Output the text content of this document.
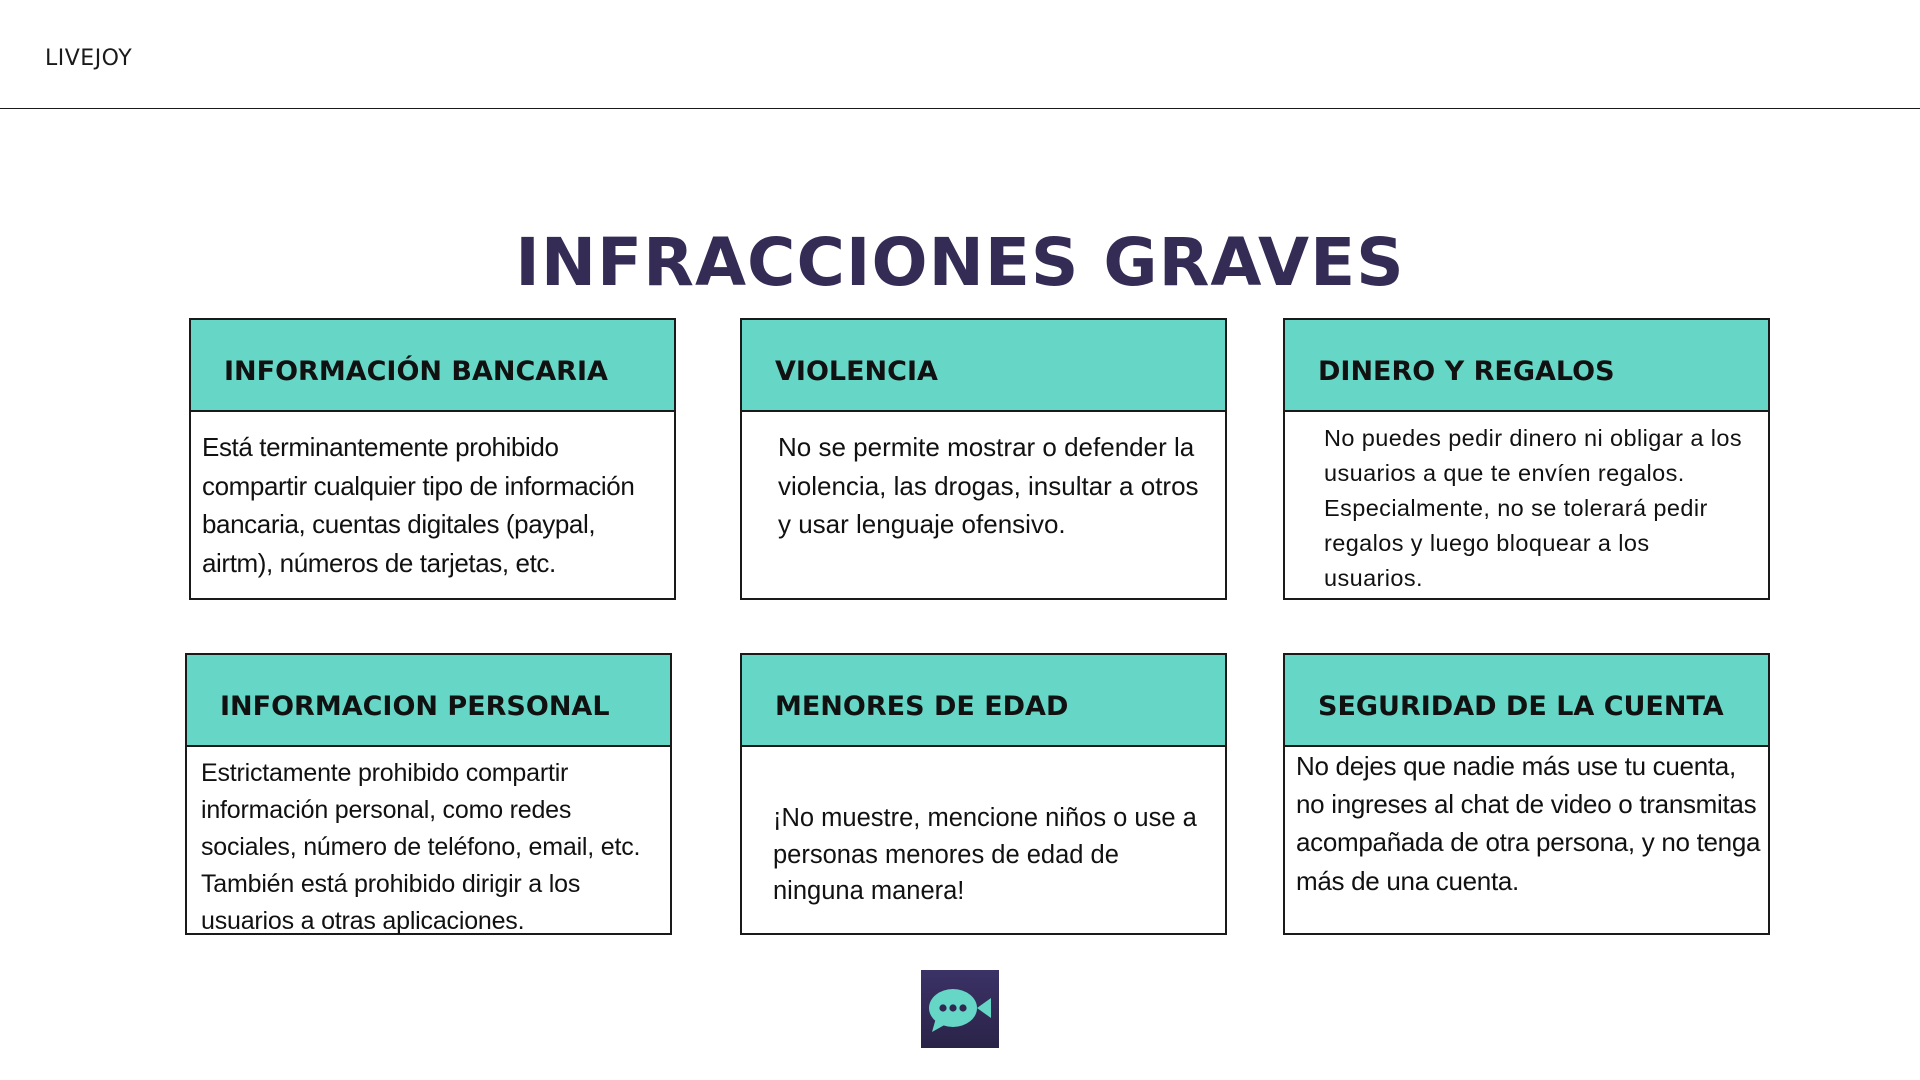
LIVEJOY
INFRACCIONES GRAVES
INFORMACIÓN BANCARIA
Está terminantemente prohibido compartir cualquier tipo de información bancaria, cuentas digitales (paypal, airtm), números de tarjetas, etc.
VIOLENCIA
No se permite mostrar o defender la violencia, las drogas, insultar a otros y usar lenguaje ofensivo.
DINERO Y REGALOS
No puedes pedir dinero ni obligar a los usuarios a que te envíen regalos. Especialmente, no se tolerará pedir regalos y luego bloquear a los usuarios.
INFORMACION PERSONAL
Estrictamente prohibido compartir información personal, como redes sociales, número de teléfono, email, etc. También está prohibido dirigir a los usuarios a otras aplicaciones.
MENORES DE EDAD
¡No muestre, mencione niños o use a personas menores de edad de ninguna manera!
SEGURIDAD DE LA CUENTA
No dejes que nadie más use tu cuenta, no ingreses al chat de video o transmitas acompañada de otra persona, y no tenga más de una cuenta.
